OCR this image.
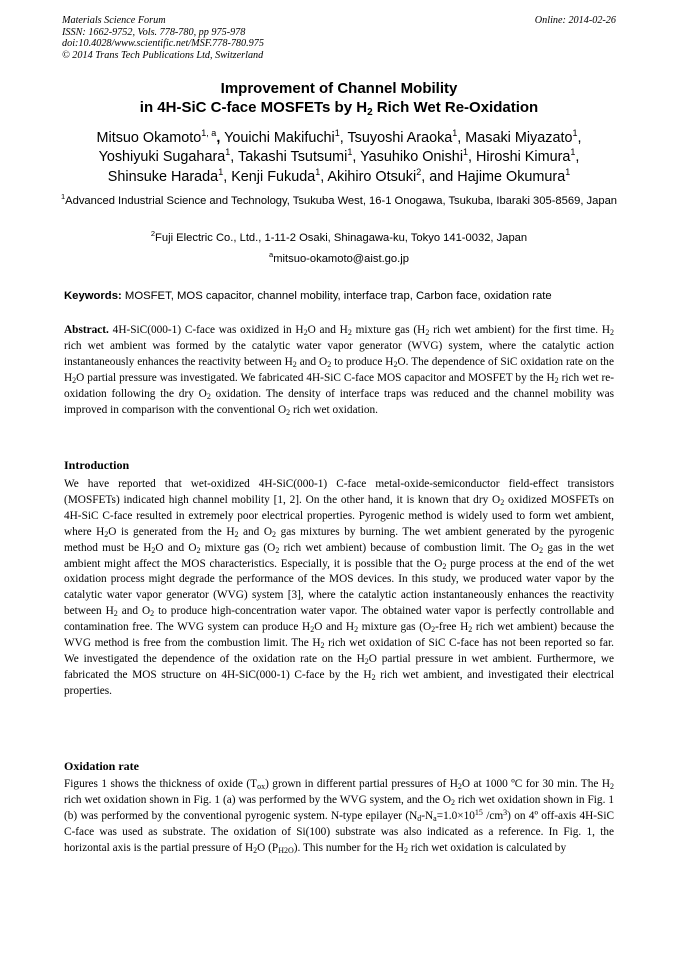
Materials Science Forum
ISSN: 1662-9752, Vols. 778-780, pp 975-978
doi:10.4028/www.scientific.net/MSF.778-780.975
© 2014 Trans Tech Publications Ltd, Switzerland
Online: 2014-02-26
Improvement of Channel Mobility
in 4H-SiC C-face MOSFETs by $H_2$ Rich Wet Re-Oxidation
Mitsuo Okamoto$^{1, a}$, Youichi Makifuchi$^1$, Tsuyoshi Araoka$^1$, Masaki Miyazato$^1$,
Yoshiyuki Sugahara$^1$, Takashi Tsutsumi$^1$, Yasuhiko Onishi$^1$, Hiroshi Kimura$^1$,
Shinsuke Harada$^1$, Kenji Fukuda$^1$, Akihiro Otsuki$^2$, and Hajime Okumura$^1$
$^1$Advanced Industrial Science and Technology, Tsukuba West, 16-1 Onogawa, Tsukuba, Ibaraki 305-8569, Japan
$^2$Fuji Electric Co., Ltd., 1-11-2 Osaki, Shinagawa-ku, Tokyo 141-0032, Japan
$^a$mitsuo-okamoto@aist.go.jp
Keywords: MOSFET, MOS capacitor, channel mobility, interface trap, Carbon face, oxidation rate
Abstract. 4H-SiC(000-1) C-face was oxidized in $H_2O$ and $H_2$ mixture gas ($H_2$ rich wet ambient) for the first time. $H_2$ rich wet ambient was formed by the catalytic water vapor generator (WVG) system, where the catalytic action instantaneously enhances the reactivity between $H_2$ and $O_2$ to produce $H_2O$. The dependence of SiC oxidation rate on the $H_2O$ partial pressure was investigated. We fabricated 4H-SiC C-face MOS capacitor and MOSFET by the $H_2$ rich wet re-oxidation following the dry $O_2$ oxidation. The density of interface traps was reduced and the channel mobility was improved in comparison with the conventional $O_2$ rich wet oxidation.
Introduction
We have reported that wet-oxidized 4H-SiC(000-1) C-face metal-oxide-semiconductor field-effect transistors (MOSFETs) indicated high channel mobility [1, 2]. On the other hand, it is known that dry $O_2$ oxidized MOSFETs on 4H-SiC C-face resulted in extremely poor electrical properties. Pyrogenic method is widely used to form wet ambient, where $H_2O$ is generated from the $H_2$ and $O_2$ gas mixtures by burning. The wet ambient generated by the pyrogenic method must be $H_2O$ and $O_2$ mixture gas ($O_2$ rich wet ambient) because of combustion limit. The $O_2$ gas in the wet ambient might affect the MOS characteristics. Especially, it is possible that the $O_2$ purge process at the end of the wet oxidation process might degrade the performance of the MOS devices. In this study, we produced water vapor by the catalytic water vapor generator (WVG) system [3], where the catalytic action instantaneously enhances the reactivity between $H_2$ and $O_2$ to produce high-concentration water vapor. The obtained water vapor is perfectly controllable and contamination free. The WVG system can produce $H_2O$ and $H_2$ mixture gas ($O_2$-free $H_2$ rich wet ambient) because the WVG method is free from the combustion limit. The $H_2$ rich wet oxidation of SiC C-face has not been reported so far. We investigated the dependence of the oxidation rate on the $H_2O$ partial pressure in wet ambient. Furthermore, we fabricated the MOS structure on 4H-SiC(000-1) C-face by the $H_2$ rich wet ambient, and investigated their electrical properties.
Oxidation rate
Figures 1 shows the thickness of oxide $(T_{ox})$ grown in different partial pressures of $H_2O$ at 1000 ºC for 30 min. The $H_2$ rich wet oxidation shown in Fig. 1 (a) was performed by the WVG system, and the $O_2$ rich wet oxidation shown in Fig. 1 (b) was performed by the conventional pyrogenic system. N-type epilayer ($N_d-N_a=1.0\times 10^{15}$ $/cm^3$) on 4º off-axis 4H-SiC C-face was used as substrate. The oxidation of Si(100) substrate was also indicated as a reference. In Fig. 1, the horizontal axis is the partial pressure of $H_2O$ $(P_{H2O})$. This number for the $H_2$ rich wet oxidation is calculated by
